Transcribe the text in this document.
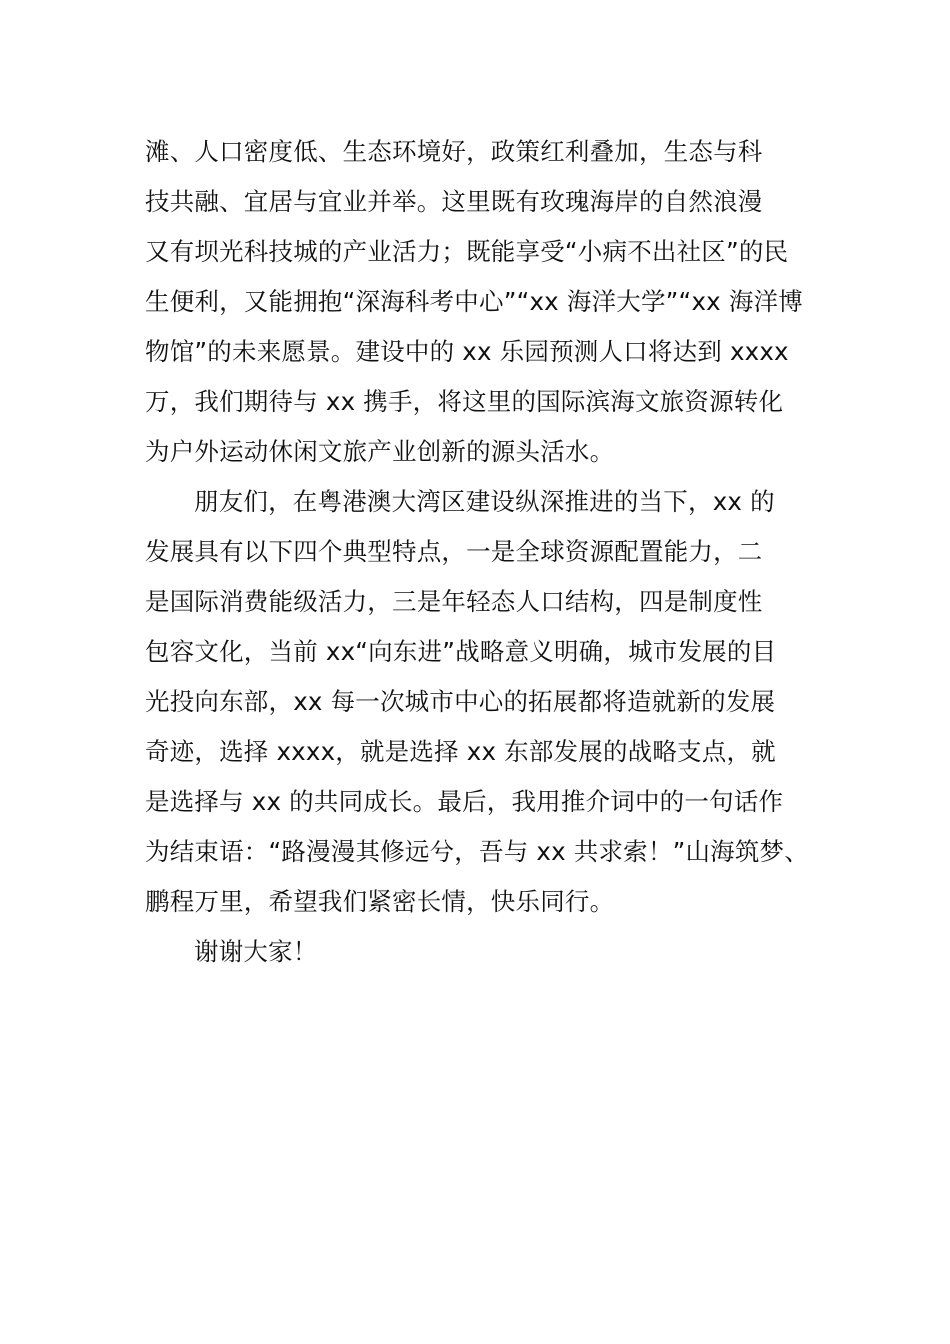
滩、人口密度低、生态环境好，政策红利叠加，生态与科
技共融、宜居与宜业并举。这里既有玫瑰海岸的自然浪漫
又有坝光科技城的产业活力；既能享受“小病不出社区”的民
生便利，又能拥抱“深海科考中心”“xx 海洋大学”“xx 海洋博
物馆”的未来愿景。建设中的 xx 乐园预测人口将达到 xxxx
万，我们期待与 xx 携手，将这里的国际滨海文旅资源转化
为户外运动休闲文旅产业创新的源头活水。
朋友们，在粤港澳大湾区建设纵深推进的当下，xx 的
发展具有以下四个典型特点，一是全球资源配置能力，二
是国际消费能级活力，三是年轻态人口结构，四是制度性
包容文化，当前 xx“向东进”战略意义明确，城市发展的目
光投向东部，xx 每一次城市中心的拓展都将造就新的发展
奇迹，选择 xxxx，就是选择 xx 东部发展的战略支点，就
是选择与 xx 的共同成长。最后，我用推介词中的一句话作
为结束语：“路漫漫其修远兮，吾与 xx 共求索！”山海筑梦、
鹏程万里，希望我们紧密长情，快乐同行。
谢谢大家！
